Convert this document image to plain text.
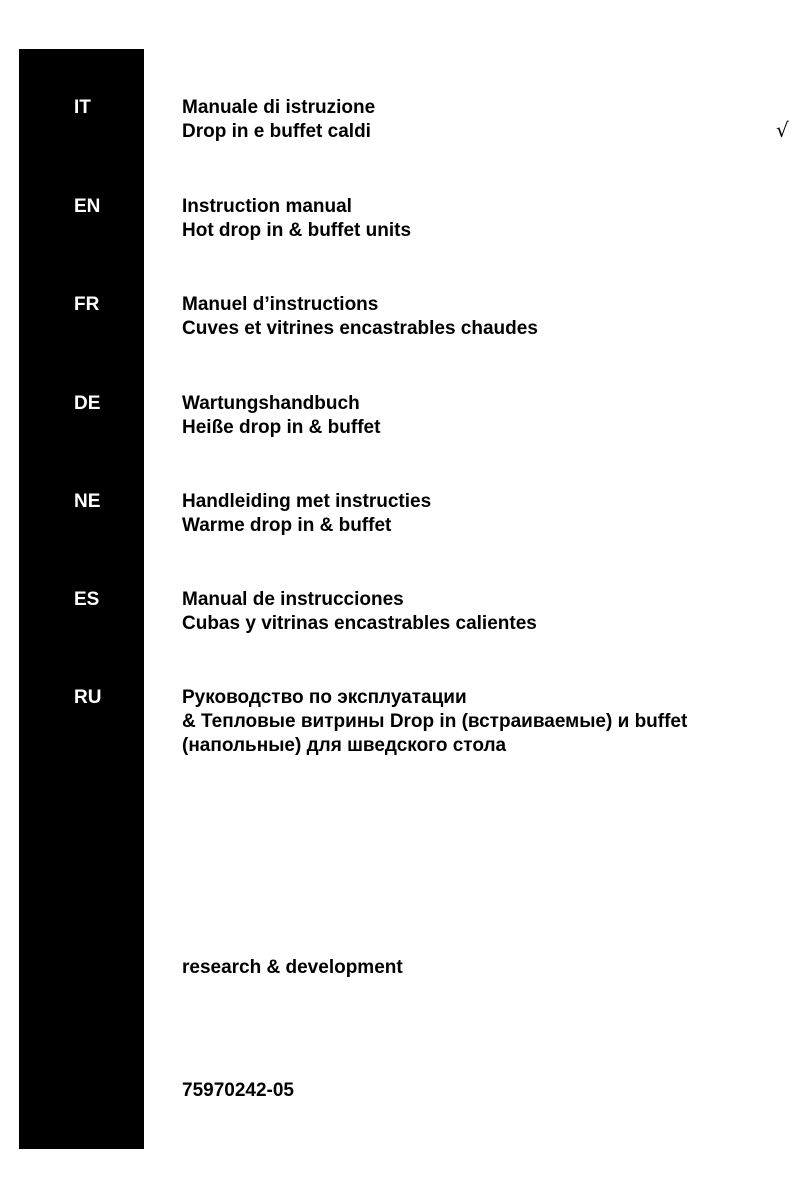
IT	Manuale di istruzione
Drop in e buffet caldi	√
EN	Instruction manual
Hot drop in & buffet units
FR	Manuel d’instructions
Cuves et vitrines encastrables chaudes
DE	Wartungshandbuch
Heiße drop in & buffet
NE	Handleiding met instructies
Warme drop in & buffet
ES	Manual de instrucciones
Cubas y vitrinas encastrables calientes
RU	Руководство по эксплуатации
& Тепловые витрины Drop in (встраиваемые) и buffet
(напольные) для шведского стола
research & development
75970242-05
